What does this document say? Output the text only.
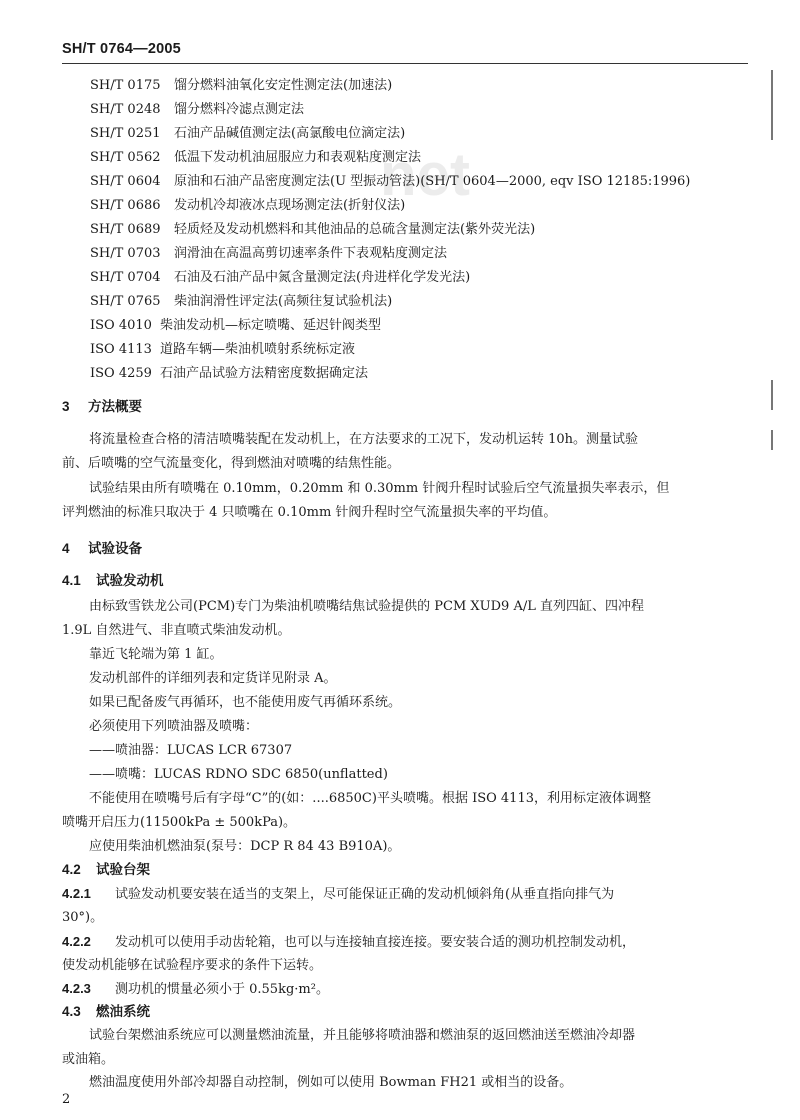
SH/T 0764—2005
net
SH/T 0175 馏分燃料油氧化安定性测定法(加速法)
SH/T 0248 馏分燃料冷滤点测定法
SH/T 0251 石油产品碱值测定法(高氯酸电位滴定法)
SH/T 0562 低温下发动机油屈服应力和表观粘度测定法
SH/T 0604 原油和石油产品密度测定法(U 型振动管法)(SH/T 0604—2000, eqv ISO 12185:1996)
SH/T 0686 发动机冷却液冰点现场测定法(折射仪法)
SH/T 0689 轻质烃及发动机燃料和其他油品的总硫含量测定法(紫外荧光法)
SH/T 0703 润滑油在高温高剪切速率条件下表观粘度测定法
SH/T 0704 石油及石油产品中氮含量测定法(舟进样化学发光法)
SH/T 0765 柴油润滑性评定法(高频往复试验机法)
ISO 4010 柴油发动机—标定喷嘴、延迟针阀类型
ISO 4113 道路车辆—柴油机喷射系统标定液
ISO 4259 石油产品试验方法精密度数据确定法
3 方法概要
将流量检查合格的清洁喷嘴装配在发动机上，在方法要求的工况下，发动机运转 10h。测量试验
前、后喷嘴的空气流量变化，得到燃油对喷嘴的结焦性能。
试验结果由所有喷嘴在 0.10mm，0.20mm 和 0.30mm 针阀升程时试验后空气流量损失率表示，但
评判燃油的标准只取决于 4 只喷嘴在 0.10mm 针阀升程时空气流量损失率的平均值。
4 试验设备
4.1 试验发动机
由标致雪铁龙公司(PCM)专门为柴油机喷嘴结焦试验提供的 PCM XUD9 A/L 直列四缸、四冲程
1.9L 自然进气、非直喷式柴油发动机。
靠近飞轮端为第 1 缸。
发动机部件的详细列表和定货详见附录 A。
如果已配备废气再循环，也不能使用废气再循环系统。
必须使用下列喷油器及喷嘴：
——喷油器：LUCAS LCR 67307
——喷嘴：LUCAS RDNO SDC 6850(unflatted)
不能使用在喷嘴号后有字母“C”的(如：....6850C)平头喷嘴。根据 ISO 4113，利用标定液体调整
喷嘴开启压力(11500kPa ± 500kPa)。
应使用柴油机燃油泵(泵号：DCP R 84 43 B910A)。
4.2 试验台架
4.2.1 试验发动机要安装在适当的支架上，尽可能保证正确的发动机倾斜角(从垂直指向排气为
30°)。
4.2.2 发动机可以使用手动齿轮箱，也可以与连接轴直接连接。要安装合适的测功机控制发动机，
使发动机能够在试验程序要求的条件下运转。
4.2.3 测功机的惯量必须小于 0.55kg·m²。
4.3 燃油系统
试验台架燃油系统应可以测量燃油流量，并且能够将喷油器和燃油泵的返回燃油送至燃油冷却器
或油箱。
燃油温度使用外部冷却器自动控制，例如可以使用 Bowman FH21 或相当的设备。
2
